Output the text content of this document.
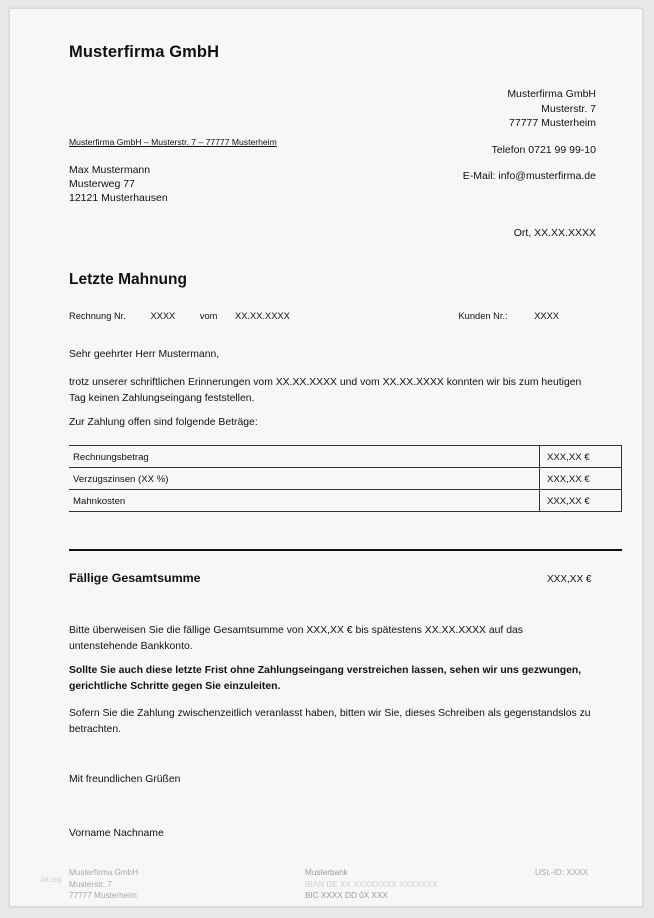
Musterfirma GmbH
Musterfirma GmbH
Musterstr. 7
77777 Musterheim
Telefon 0721 99 99-10
E-Mail: info@musterfirma.de
Musterfirma GmbH – Musterstr. 7 – 77777 Musterheim
Max Mustermann
Musterweg 77
12121 Musterhausen
Ort, XX.XX.XXXX
Letzte Mahnung
Rechnung Nr.	XXXX	vom XX.XX.XXXX	Kunden Nr.:	XXXX
Sehr geehrter Herr Mustermann,
trotz unserer schriftlichen Erinnerungen vom XX.XX.XXXX und vom XX.XX.XXXX konnten wir bis zum heutigen Tag keinen Zahlungseingang feststellen.
Zur Zahlung offen sind folgende Beträge:
Rechnungsbetrag	XXX,XX €
Verzugszinsen (XX %)	XXX,XX €
Mahnkosten	XXX,XX €
Fällige Gesamtsumme	XXX,XX €
Bitte überweisen Sie die fällige Gesamtsumme von XXX,XX € bis spätestens XX.XX.XXXX auf das untenstehende Bankkonto.
Sollte Sie auch diese letzte Frist ohne Zahlungseingang verstreichen lassen, sehen wir uns gezwungen, gerichtliche Schritte gegen Sie einzuleiten.
Sofern Sie die Zahlung zwischenzeitlich veranlasst haben, bitten wir Sie, dieses Schreiben als gegenstandslos zu betrachten.
Mit freundlichen Grüßen
Vorname Nachname
Musterfirma GmbH
Musterstr. 7
77777 Musterheim
Musterbank
IBAN DE XX XXXXXXXX XXXXXXX
BIC XXXX DD 0X XXX
USt.-ID: XXXX
bit.org
